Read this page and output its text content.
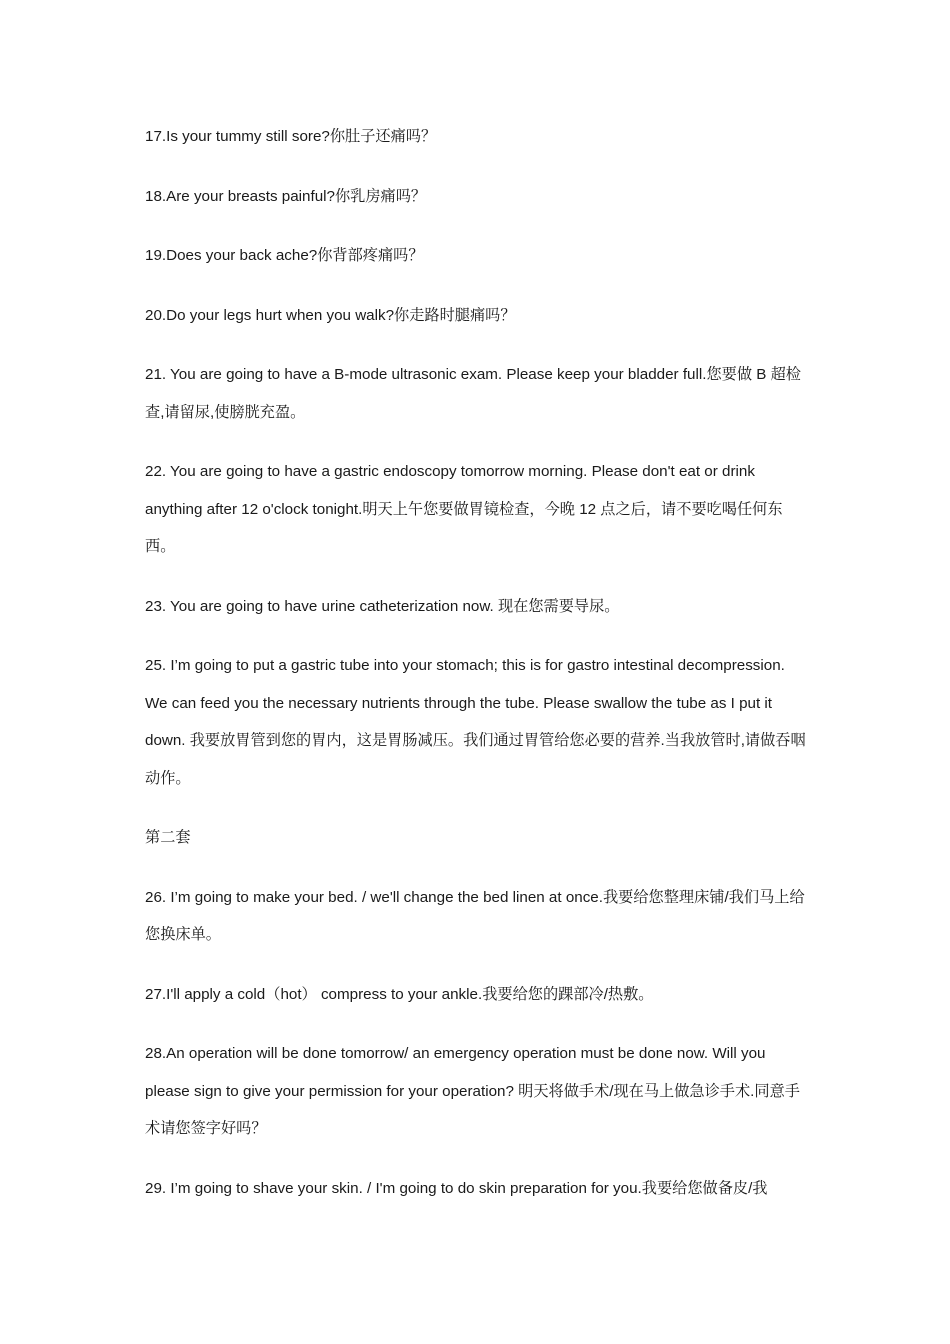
17.Is your tummy still sore?你肚子还痛吗？

18.Are your breasts painful?你乳房痛吗？

19.Does your back ache?你背部疼痛吗？

20.Do your legs hurt when you walk?你走路时腿痛吗？

21. You are going to have a B-mode ultrasonic exam. Please keep your bladder full.您要做 B 超检查,请留尿,使膀胱充盈。

22. You are going to have a gastric endoscopy tomorrow morning. Please don't eat or drink anything after 12 o'clock tonight.明天上午您要做胃镜检查，今晚 12 点之后，请不要吃喝任何东西。

23. You are going to have urine catheterization now. 现在您需要导尿。

25. I’m going to put a gastric tube into your stomach; this is for gastro intestinal decompression. We can feed you the necessary nutrients through the tube. Please swallow the tube as I put it down. 我要放胃管到您的胃内，这是胃肠减压。我们通过胃管给您必要的营养.当我放管时,请做吞咽动作。

第二套

26. I’m going to make your bed. / we'll change the bed linen at once.我要给您整理床铺/我们马上给您换床单。

27.I'll apply a cold（hot） compress to your ankle.我要给您的踝部冷/热敷。

28.An operation will be done tomorrow/ an emergency operation must be done now. Will you please sign to give your permission for your operation? 明天将做手术/现在马上做急诊手术.同意手术请您签字好吗？

29. I’m going to shave your skin. / I'm going to do skin preparation for you.我要给您做备皮/我
